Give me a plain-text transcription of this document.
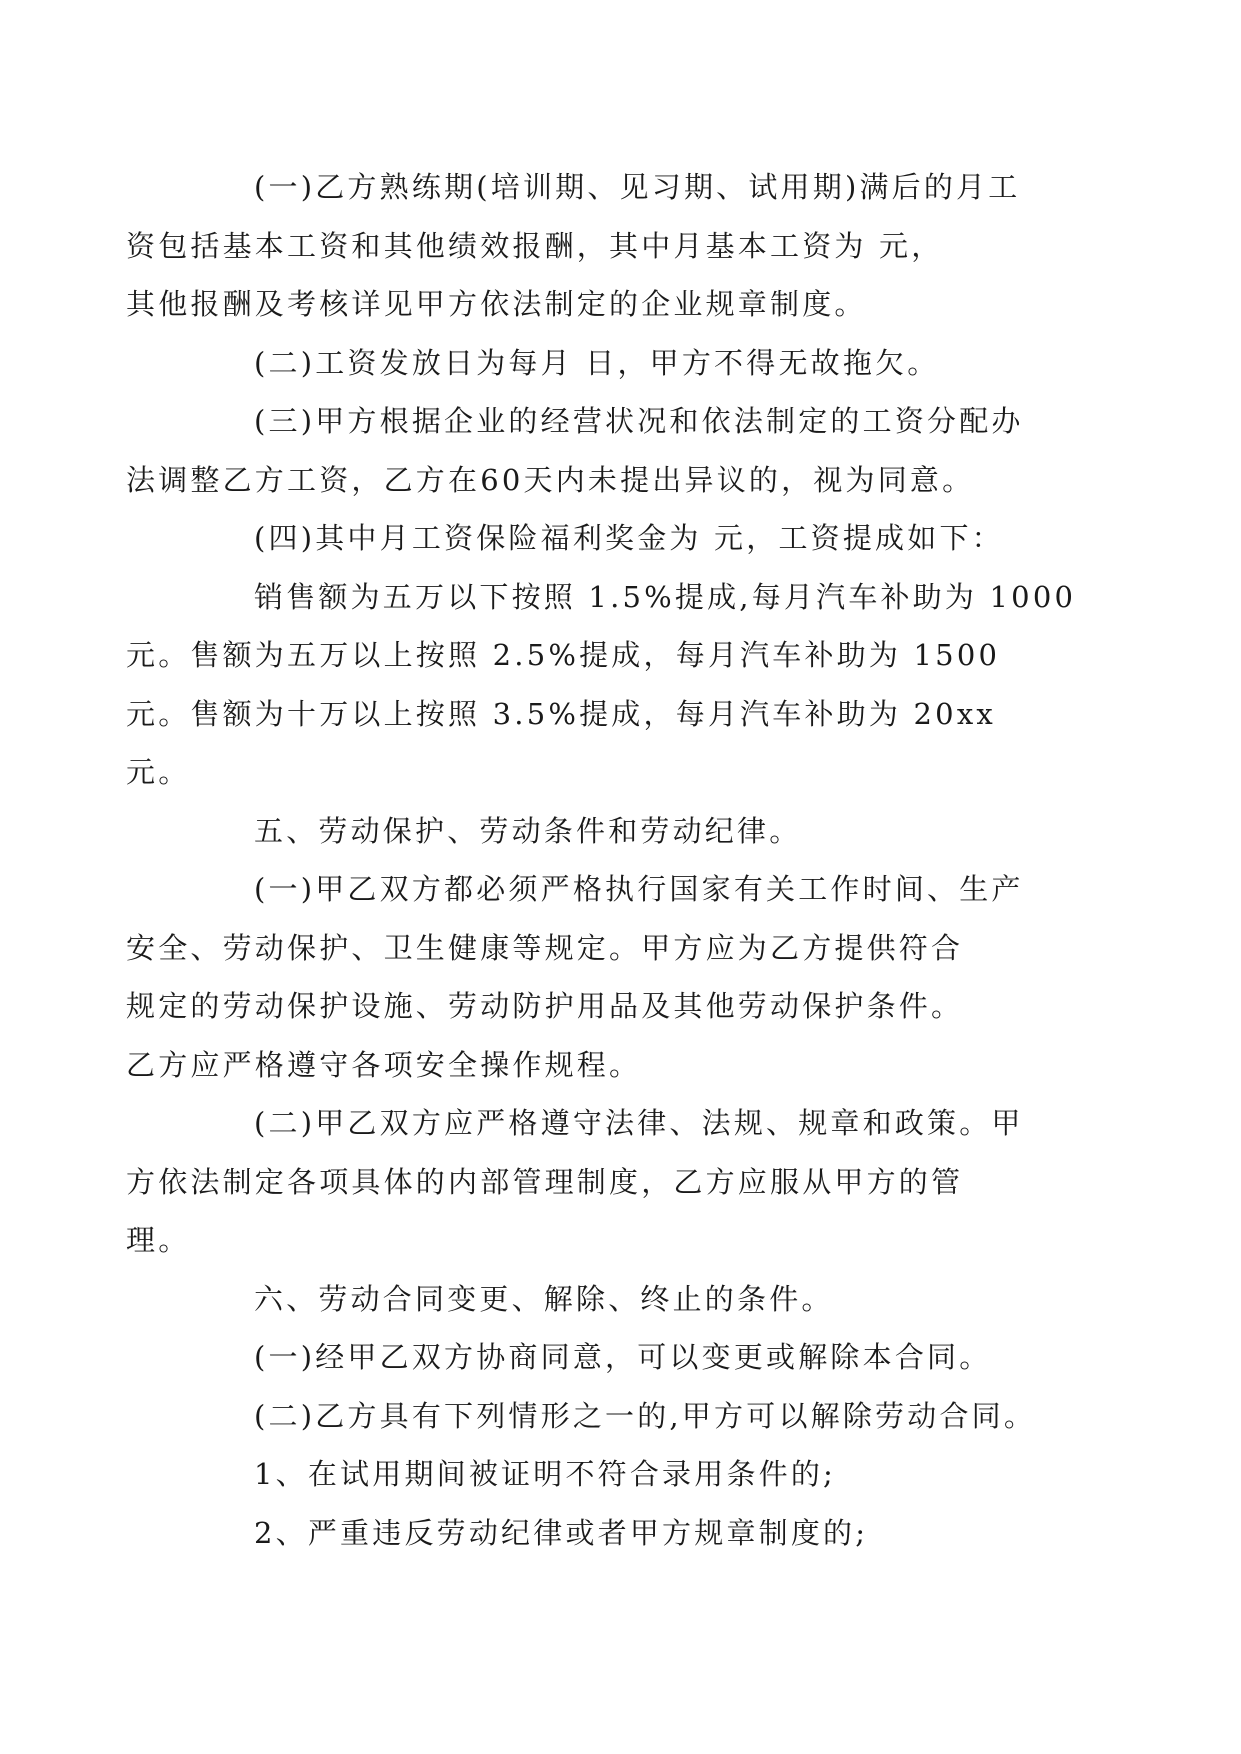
(一)乙方熟练期(培训期、见习期、试用期)满后的月工
资包括基本工资和其他绩效报酬，其中月基本工资为 元，
其他报酬及考核详见甲方依法制定的企业规章制度。

(二)工资发放日为每月 日，甲方不得无故拖欠。

(三)甲方根据企业的经营状况和依法制定的工资分配办
法调整乙方工资，乙方在60天内未提出异议的，视为同意。

(四)其中月工资保险福利奖金为 元，工资提成如下：

销售额为五万以下按照 1.5%提成,每月汽车补助为 1000
元。售额为五万以上按照 2.5%提成，每月汽车补助为 1500
元。售额为十万以上按照 3.5%提成，每月汽车补助为 20xx
元。

五、劳动保护、劳动条件和劳动纪律。

(一)甲乙双方都必须严格执行国家有关工作时间、生产
安全、劳动保护、卫生健康等规定。甲方应为乙方提供符合
规定的劳动保护设施、劳动防护用品及其他劳动保护条件。
乙方应严格遵守各项安全操作规程。

(二)甲乙双方应严格遵守法律、法规、规章和政策。甲
方依法制定各项具体的内部管理制度，乙方应服从甲方的管
理。

六、劳动合同变更、解除、终止的条件。

(一)经甲乙双方协商同意，可以变更或解除本合同。

(二)乙方具有下列情形之一的,甲方可以解除劳动合同。

1、在试用期间被证明不符合录用条件的;

2、严重违反劳动纪律或者甲方规章制度的;
